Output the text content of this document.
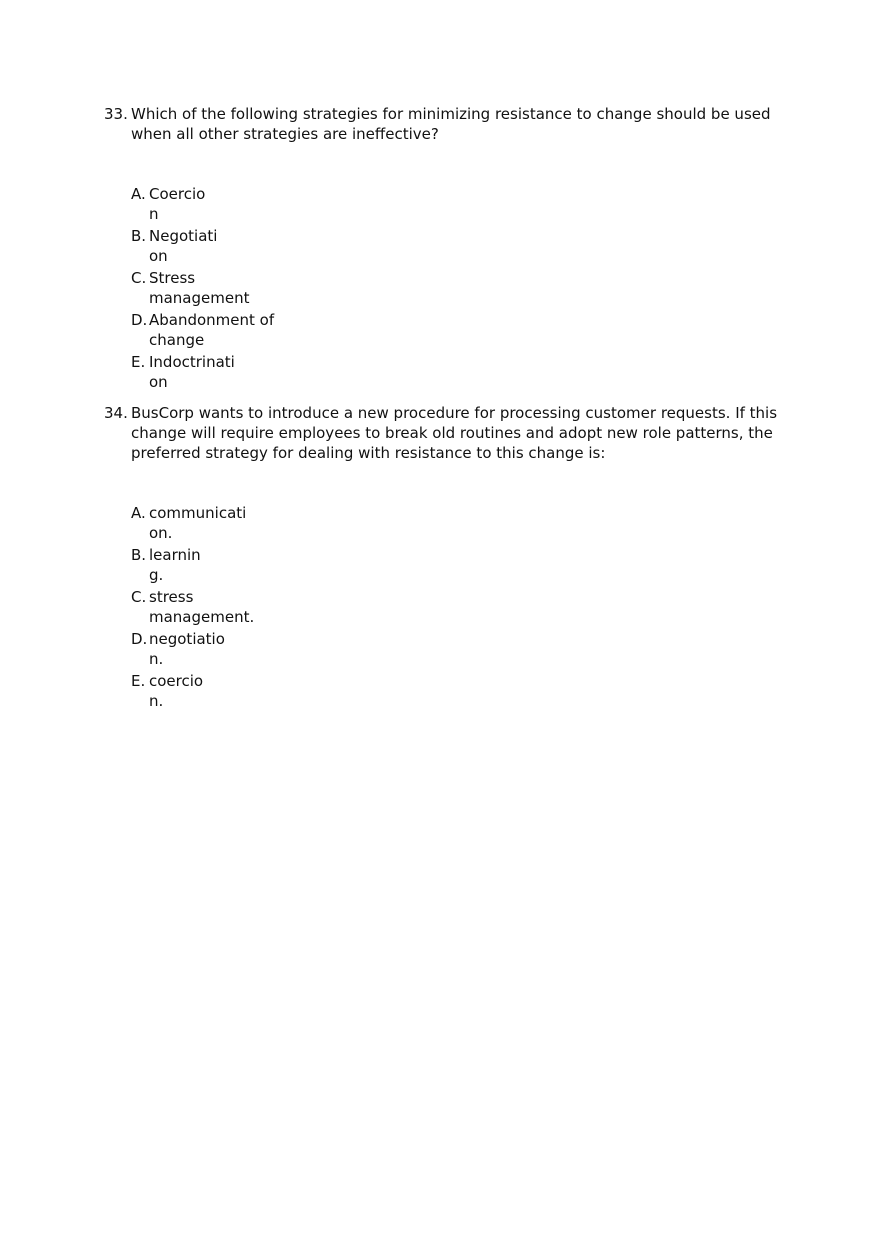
33. Which of the following strategies for minimizing resistance to change should be used when all other strategies are ineffective?
A. Coercion
B. Negotiation
C. Stress management
D. Abandonment of change
E. Indoctrination
34. BusCorp wants to introduce a new procedure for processing customer requests. If this change will require employees to break old routines and adopt new role patterns, the preferred strategy for dealing with resistance to this change is:
A. communication.
B. learning.
C. stress management.
D. negotiation.
E. coercion.
